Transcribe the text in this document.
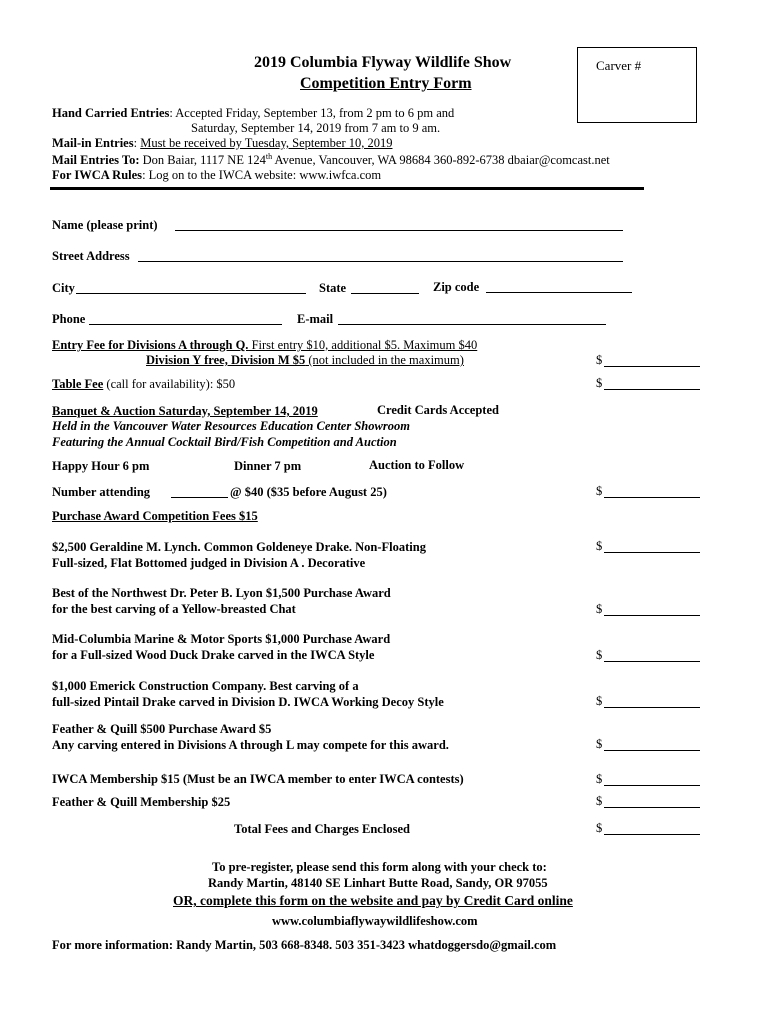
2019 Columbia Flyway Wildlife Show
Competition Entry Form
Carver #
Hand Carried Entries: Accepted Friday, September 13, from 2 pm to 6 pm and
Saturday, September 14, 2019 from 7 am to 9 am.
Mail-in Entries: Must be received by Tuesday, September 10, 2019
Mail Entries To: Don Baiar, 1117 NE 124th Avenue, Vancouver, WA 98684 360-892-6738 dbaiar@comcast.net
For IWCA Rules: Log on to the IWCA website: www.iwfca.com
Name (please print)
Street Address
City	State	Zip code
Phone	E-mail
Entry Fee for Divisions A through Q. First entry $10, additional $5. Maximum $40
Division Y free, Division M $5 (not included in the maximum)	$
Table Fee (call for availability): $50	$
Banquet & Auction Saturday, September 14, 2019	Credit Cards Accepted
Held in the Vancouver Water Resources Education Center Showroom
Featuring the Annual Cocktail Bird/Fish Competition and Auction
Happy Hour 6 pm	Dinner 7 pm	Auction to Follow
Number attending	@ $40 ($35 before August 25)	$
Purchase Award Competition Fees $15
$2,500 Geraldine M. Lynch. Common Goldeneye Drake. Non-Floating
Full-sized, Flat Bottomed judged in Division A . Decorative
$
Best of the Northwest Dr. Peter B. Lyon $1,500 Purchase Award
for the best carving of a Yellow-breasted Chat	$
Mid-Columbia Marine & Motor Sports $1,000 Purchase Award
for a Full-sized Wood Duck Drake carved in the IWCA Style	$
$1,000 Emerick Construction Company. Best carving of a
full-sized Pintail Drake carved in Division D. IWCA Working Decoy Style	$
Feather & Quill $500 Purchase Award $5
Any carving entered in Divisions A through L may compete for this award.	$
IWCA Membership $15 (Must be an IWCA member to enter IWCA contests)	$
Feather & Quill Membership $25	$
Total Fees and Charges Enclosed	$
To pre-register, please send this form along with your check to:
Randy Martin, 48140 SE Linhart Butte Road, Sandy, OR 97055
OR, complete this form on the website and pay by Credit Card online
www.columbiaflywaywildlifeshow.com
For more information: Randy Martin, 503 668-8348. 503 351-3423 whatdoggersdo@gmail.com
